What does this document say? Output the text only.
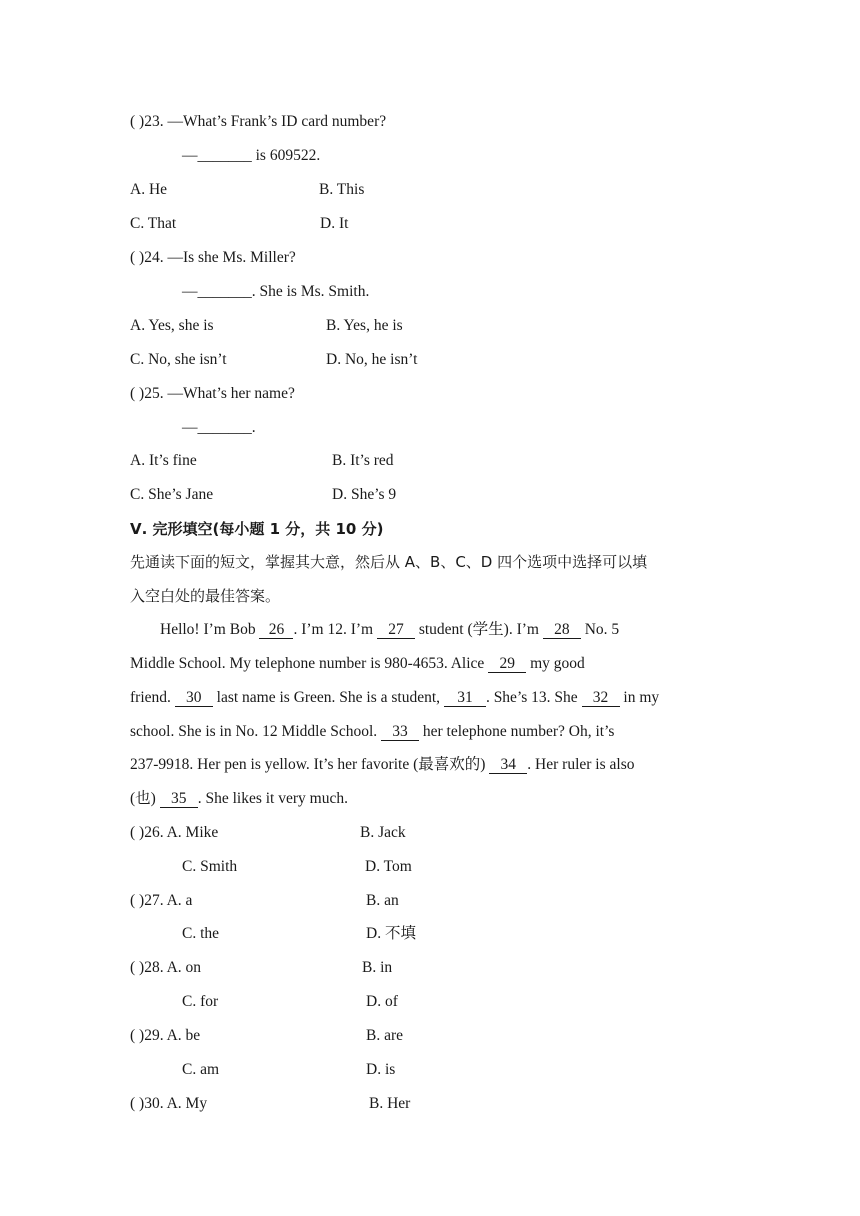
( )23. —What’s Frank’s ID card number?
—_______ is 609522.
A. He	B. This
C. That	D. It
( )24. —Is she Ms. Miller?
—_______. She is Ms. Smith.
A. Yes, she is	B. Yes, he is
C. No, she isn’t	D. No, he isn’t
( )25. —What’s her name?
—_______.
A. It’s fine	B. It’s red
C. She’s Jane	D. She’s 9
Ⅴ. 完形填空(每小题 1 分，共 10 分)
先通读下面的短文，掌握其大意，然后从 A、B、C、D 四个选项中选择可以填
入空白处的最佳答案。
Hello! I’m Bob 26 . I’m 12. I’m 27 student (学生). I’m 28 No. 5
Middle School. My telephone number is 980-4653. Alice 29 my good
friend. 30 last name is Green. She is a student, 31 . She’s 13. She 32 in my
school. She is in No. 12 Middle School. 33 her telephone number? Oh, it’s
237-9918. Her pen is yellow. It’s her favorite (最喜欢的) 34 . Her ruler is also
(也) 35 . She likes it very much.
( )26. A. Mike	B. Jack
C. Smith	D. Tom
( )27. A. a	B. an
C. the	D. 不填
( )28. A. on	B. in
C. for	D. of
( )29. A. be	B. are
C. am	D. is
( )30. A. My	B. Her
